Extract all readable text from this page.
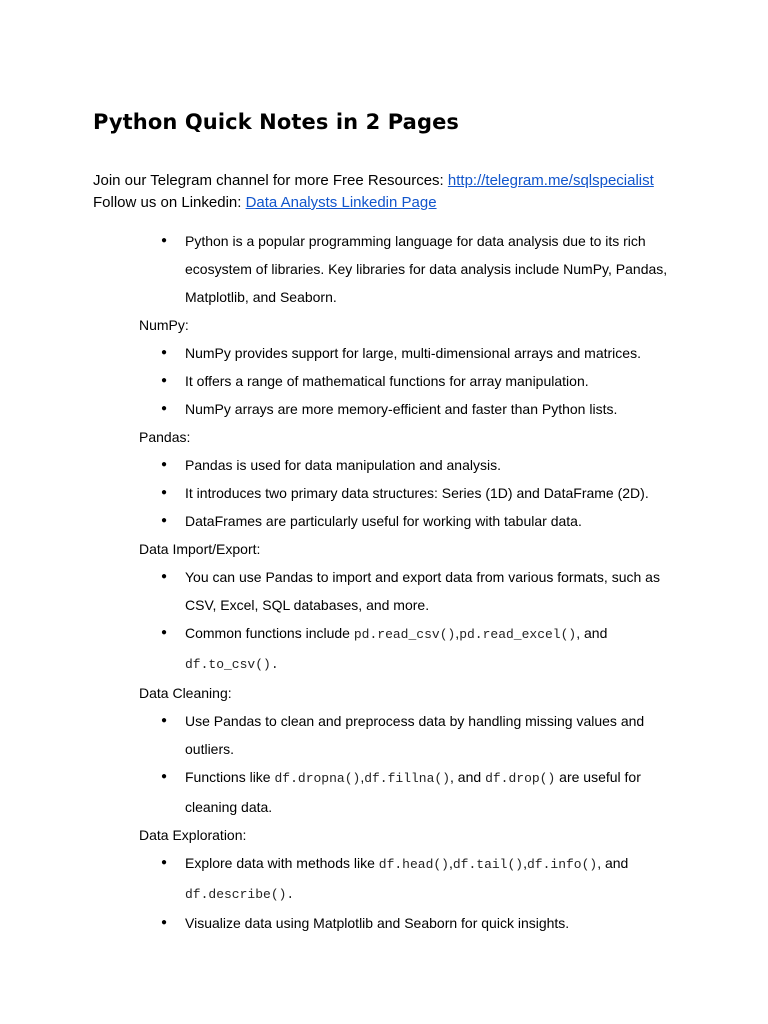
Python Quick Notes in 2 Pages
Join our Telegram channel for more Free Resources: http://telegram.me/sqlspecialist
Follow us on Linkedin: Data Analysts Linkedin Page
● Python is a popular programming language for data analysis due to its rich ecosystem of libraries. Key libraries for data analysis include NumPy, Pandas, Matplotlib, and Seaborn.
NumPy:
● NumPy provides support for large, multi-dimensional arrays and matrices.
● It offers a range of mathematical functions for array manipulation.
● NumPy arrays are more memory-efficient and faster than Python lists.
Pandas:
● Pandas is used for data manipulation and analysis.
● It introduces two primary data structures: Series (1D) and DataFrame (2D).
● DataFrames are particularly useful for working with tabular data.
Data Import/Export:
● You can use Pandas to import and export data from various formats, such as CSV, Excel, SQL databases, and more.
● Common functions include pd.read_csv(),pd.read_excel(), and df.to_csv().
Data Cleaning:
● Use Pandas to clean and preprocess data by handling missing values and outliers.
● Functions like df.dropna(),df.fillna(), and df.drop() are useful for cleaning data.
Data Exploration:
● Explore data with methods like df.head(),df.tail(),df.info(), and df.describe().
● Visualize data using Matplotlib and Seaborn for quick insights.
